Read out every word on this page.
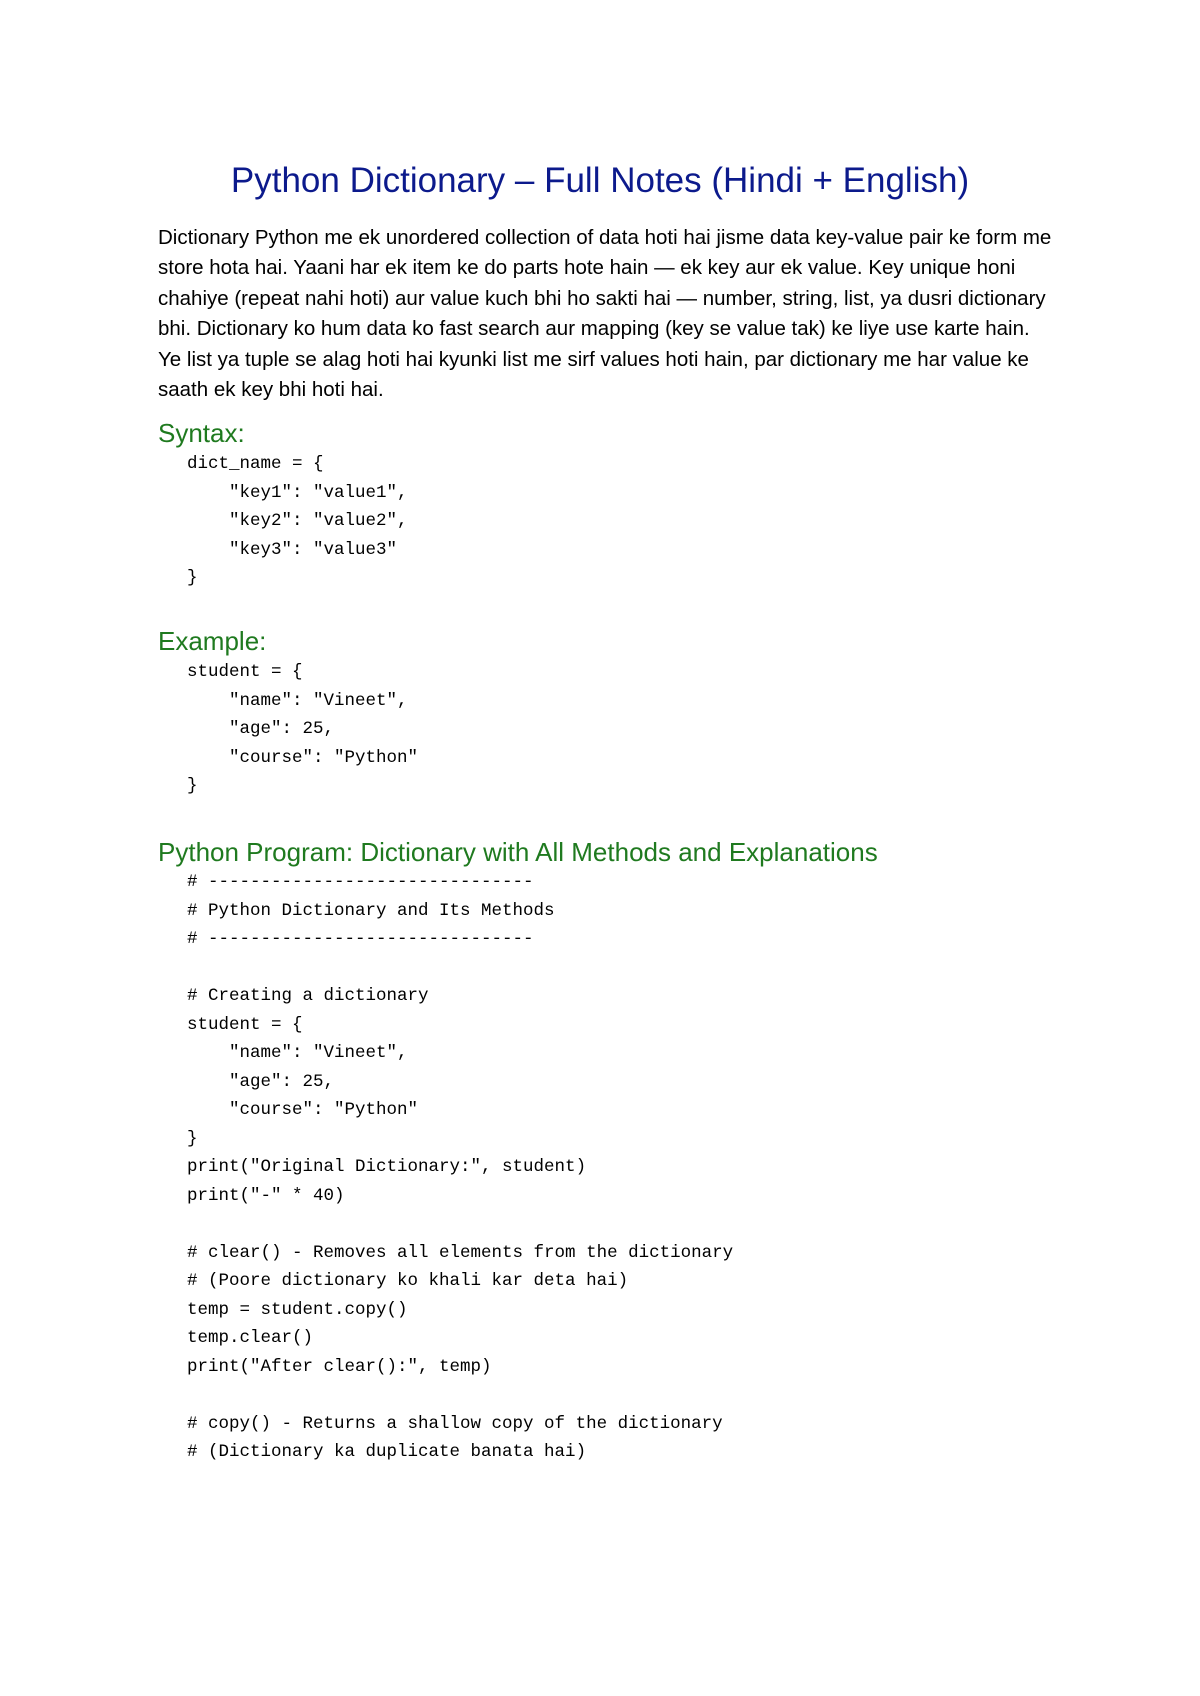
Python Dictionary – Full Notes (Hindi + English)

Dictionary Python me ek unordered collection of data hoti hai jisme data key-value pair ke form me store hota hai. Yaani har ek item ke do parts hote hain — ek key aur ek value. Key unique honi chahiye (repeat nahi hoti) aur value kuch bhi ho sakti hai — number, string, list, ya dusri dictionary bhi. Dictionary ko hum data ko fast search aur mapping (key se value tak) ke liye use karte hain. Ye list ya tuple se alag hoti hai kyunki list me sirf values hoti hain, par dictionary me har value ke saath ek key bhi hoti hai.

Syntax:
dict_name = {
"key1": "value1",
"key2": "value2",
"key3": "value3"
}
Example:
student = {
"name": "Vineet",
"age": 25,
"course": "Python"
}
Python Program: Dictionary with All Methods and Explanations
# -------------------------------
# Python Dictionary and Its Methods
# -------------------------------
# Creating a dictionary
student = {
"name": "Vineet",
"age": 25,
"course": "Python"
}
print("Original Dictionary:", student)
print("-" * 40)
# clear() - Removes all elements from the dictionary
# (Poore dictionary ko khali kar deta hai)
temp = student.copy()
temp.clear()
print("After clear():", temp)
# copy() - Returns a shallow copy of the dictionary
# (Dictionary ka duplicate banata hai)
